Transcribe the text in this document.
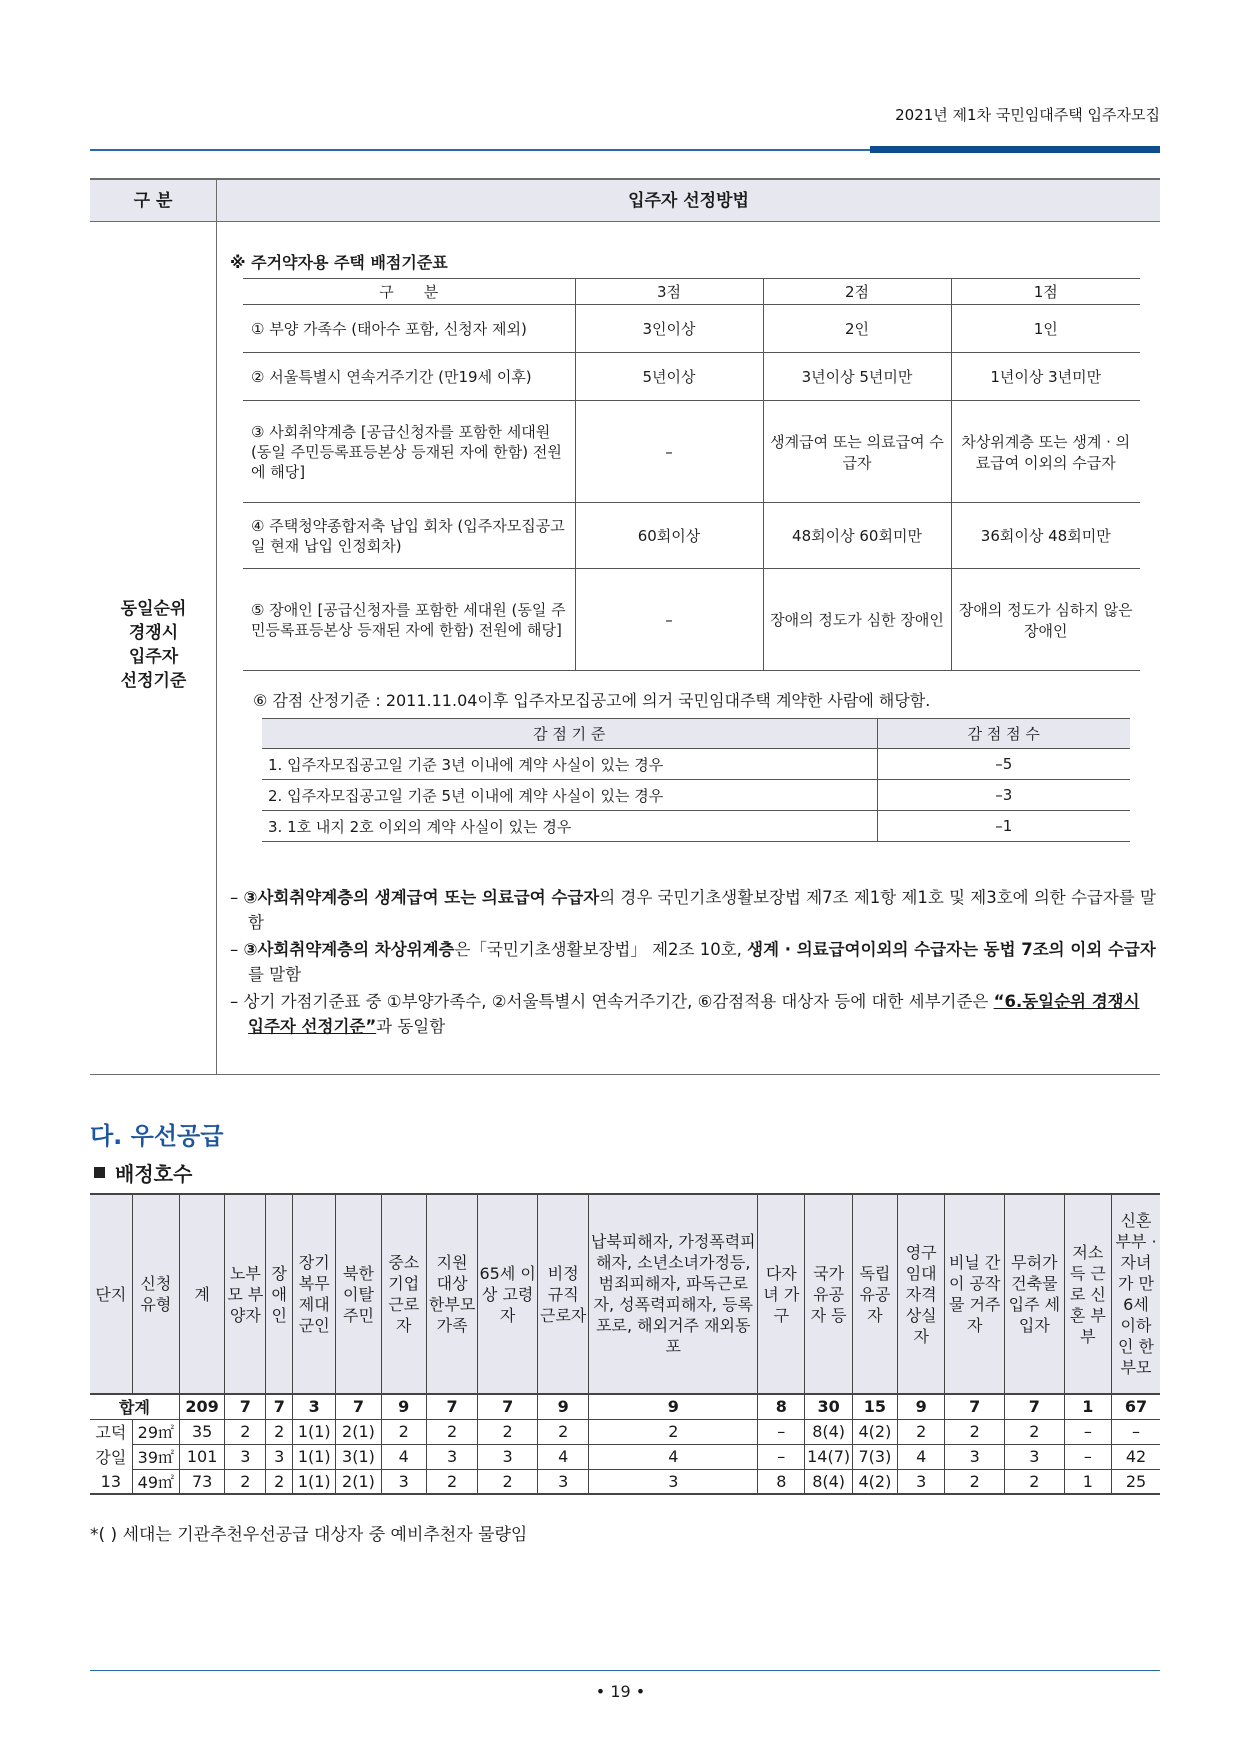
2021년 제1차 국민임대주택 입주자모집
구 분	입주자 선정방법
동일순위
경쟁시
입주자
선정기준
※ 주거약자용 주택 배점기준표
구　　분	3점	2점	1점
① 부양 가족수 (태아수 포함, 신청자 제외)	3인이상	2인	1인
② 서울특별시 연속거주기간 (만19세 이후)	5년이상	3년이상 5년미만	1년이상 3년미만
③ 사회취약계층 [공급신청자를 포함한 세대원 (동일 주민등록표등본상 등재된 자에 한함) 전원에 해당]	–	생계급여 또는 의료급여 수급자	차상위계층 또는 생계 · 의료급여 이외의 수급자
④ 주택청약종합저축 납입 회차 (입주자모집공고일 현재 납입 인정회차)	60회이상	48회이상 60회미만	36회이상 48회미만
⑤ 장애인 [공급신청자를 포함한 세대원 (동일 주민등록표등본상 등재된 자에 한함) 전원에 해당]	–	장애의 정도가 심한 장애인	장애의 정도가 심하지 않은 장애인
⑥ 감점 산정기준 : 2011.11.04이후 입주자모집공고에 의거 국민임대주택 계약한 사람에 해당함.
감 점 기 준	감 점 점 수
1. 입주자모집공고일 기준 3년 이내에 계약 사실이 있는 경우	–5
2. 입주자모집공고일 기준 5년 이내에 계약 사실이 있는 경우	–3
3. 1호 내지 2호 이외의 계약 사실이 있는 경우	–1
– ③사회취약계층의 생계급여 또는 의료급여 수급자의 경우 국민기초생활보장법 제7조 제1항 제1호 및 제3호에 의한 수급자를 말함
– ③사회취약계층의 차상위계층은「국민기초생활보장법」 제2조 10호, 생계 · 의료급여이외의 수급자는 동법 7조의 이외 수급자를 말함
– 상기 가점기준표 중 ①부양가족수, ②서울특별시 연속거주기간, ⑥감점적용 대상자 등에 대한 세부기준은 “6.동일순위 경쟁시 입주자 선정기준”과 동일함
다. 우선공급
배정호수
단지	신청 유형	계	노부모 부양자	장애인	장기 복무 제대 군인	북한 이탈 주민	중소 기업 근로자	지원 대상 한부모 가족	65세 이상 고령자	비정 규직 근로자	납북피해자, 가정폭력피해자, 소년소녀가정등, 범죄피해자, 파독근로자, 성폭력피해자, 등록포로, 해외거주 재외동포	다자녀 가구	국가 유공자 등	독립 유공자	영구 임대 자격 상실자	비닐 간이 공작물 거주자	무허가 건축물 입주 세입자	저소득 근로 신혼 부부	신혼 부부 · 자녀가 만6세 이하인 한부모
합계		209	7	7	3	7	9	7	7	9	9	8	30	15	9	7	7	1	67
고덕	29㎡	35	2	2	1(1)	2(1)	2	2	2	2	2	–	8(4)	4(2)	2	2	2	–	–
강일	39㎡	101	3	3	1(1)	3(1)	4	3	3	4	4	–	14(7)	7(3)	4	3	3	–	42
13	49㎡	73	2	2	1(1)	2(1)	3	2	2	3	3	8	8(4)	4(2)	3	2	2	1	25
*( ) 세대는 기관추천우선공급 대상자 중 예비추천자 물량임
• 19 •
